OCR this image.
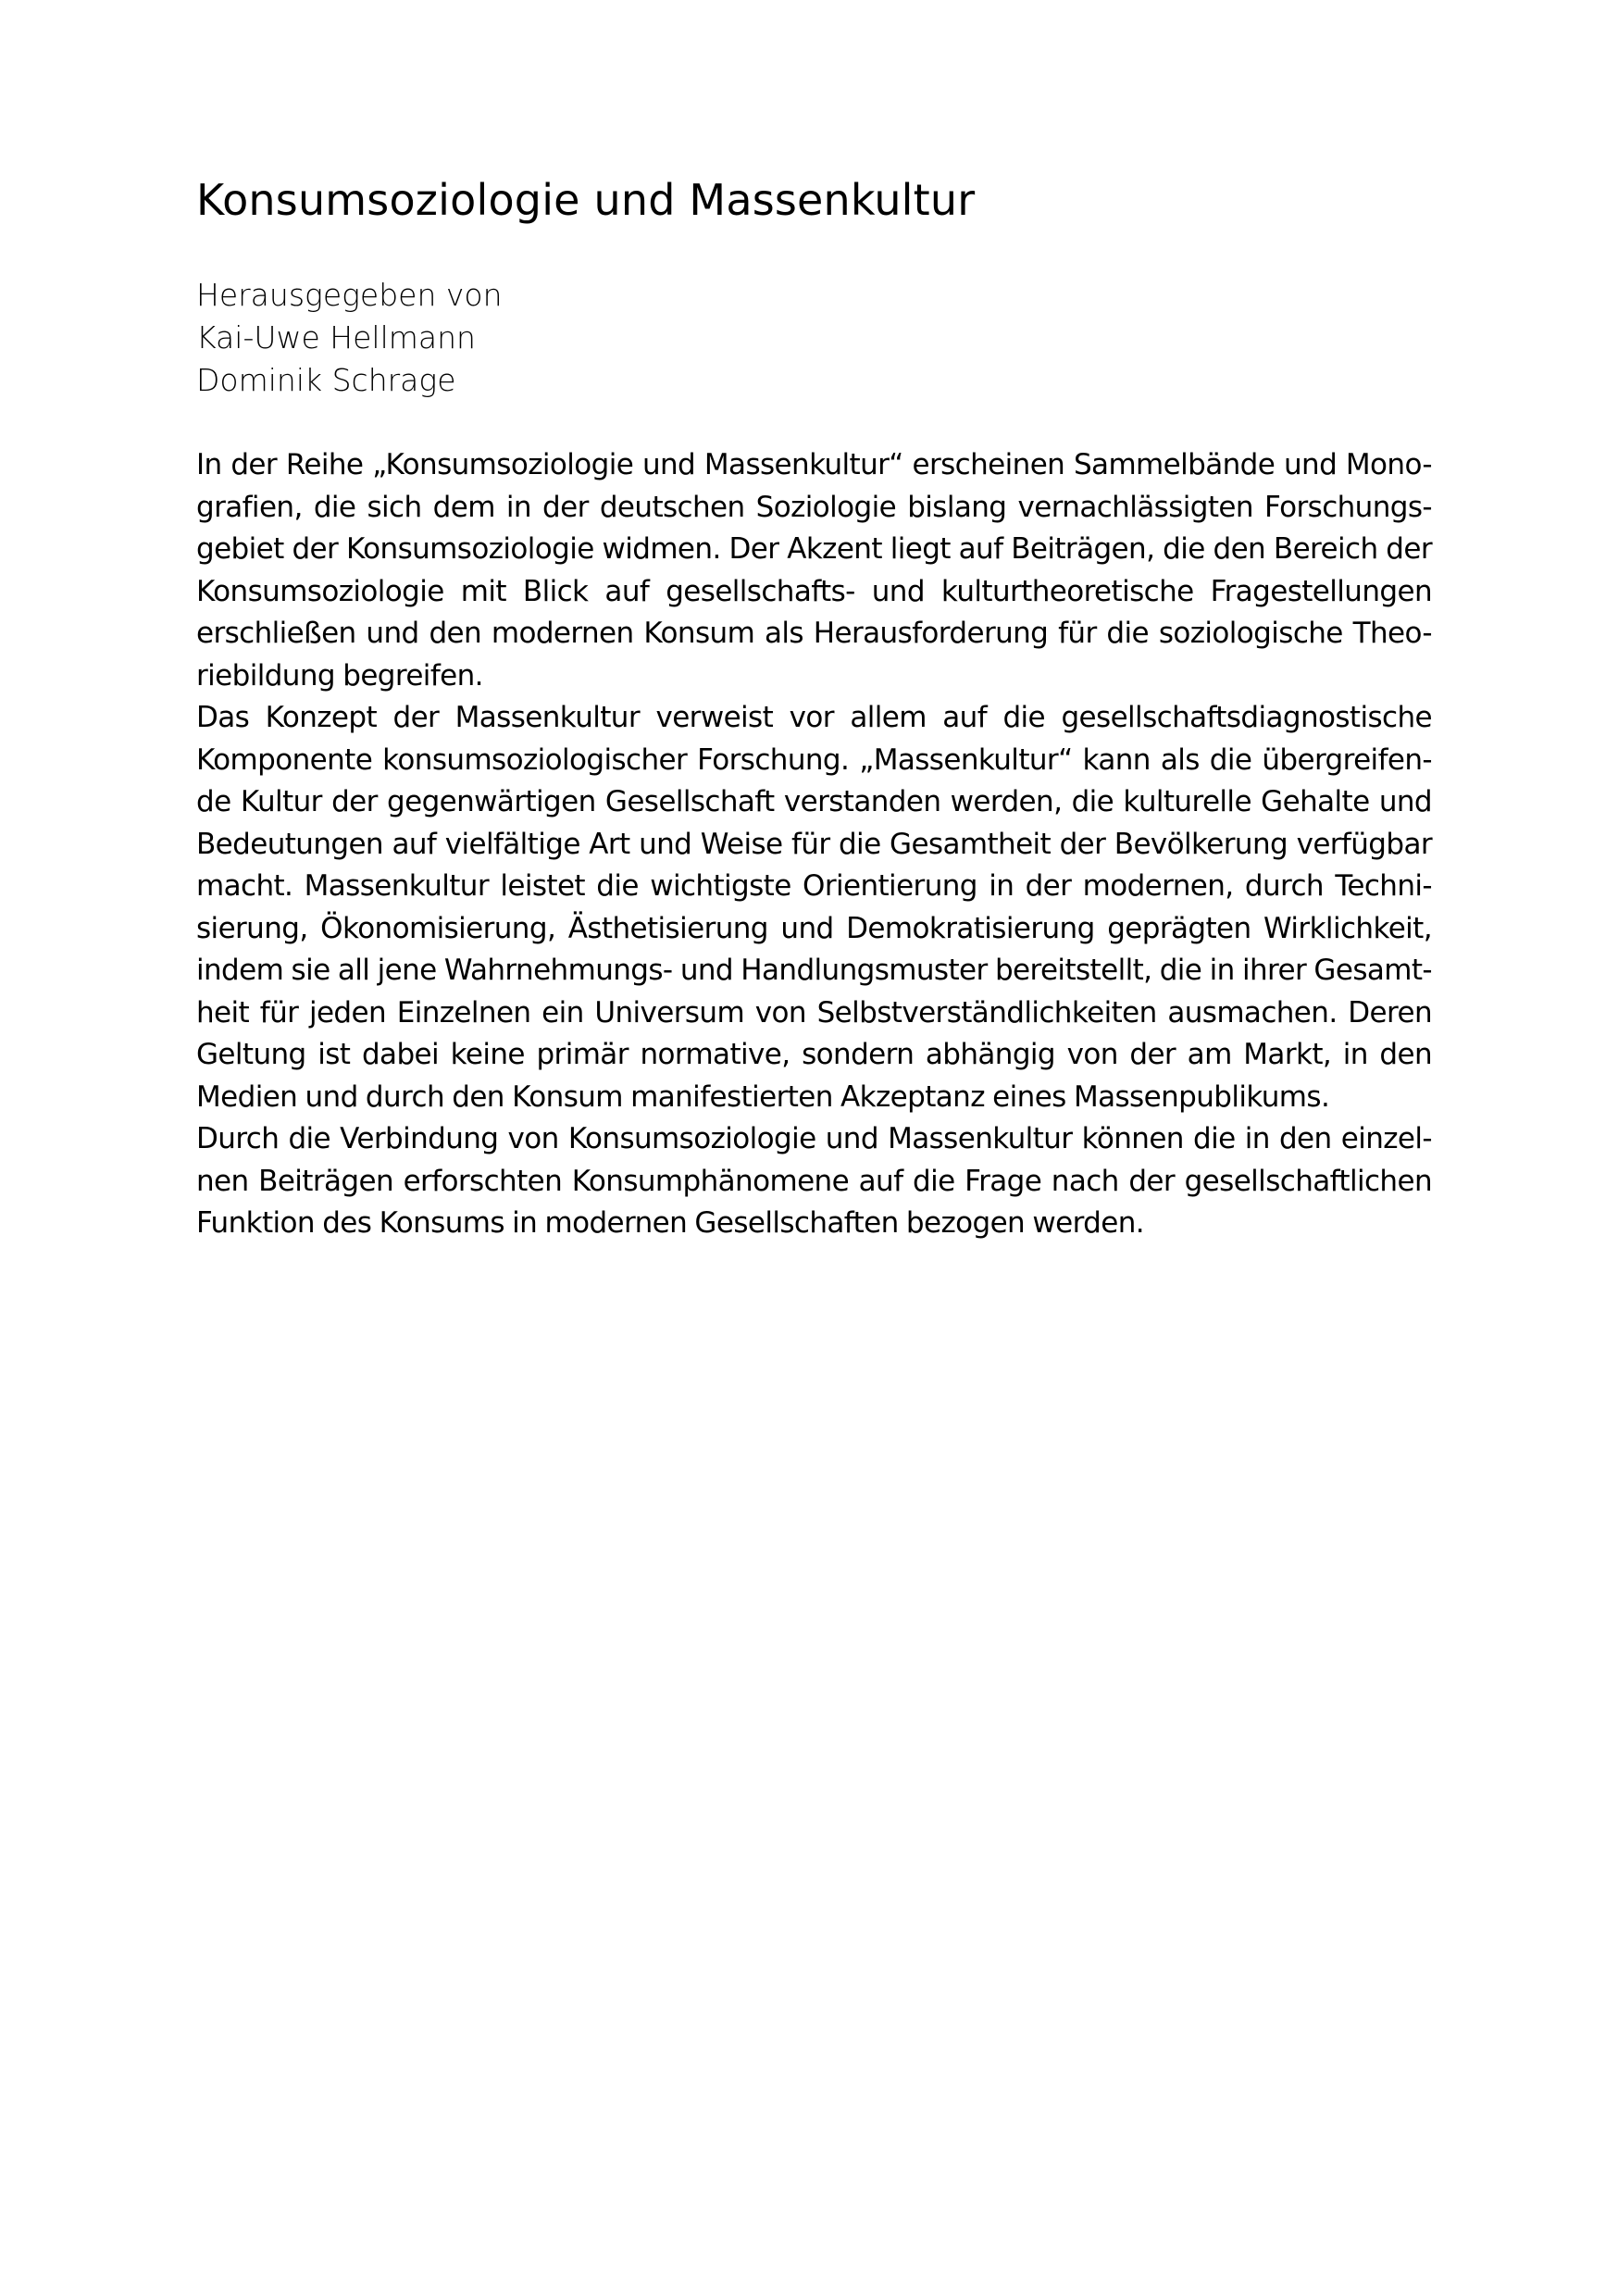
Konsumsoziologie und Massenkultur
Herausgegeben von
Kai-Uwe Hellmann
Dominik Schrage
In der Reihe „Konsumsoziologie und Massenkultur“ erscheinen Sammelbände und Mono-
grafien, die sich dem in der deutschen Soziologie bislang vernachlässigten Forschungs-
gebiet der Konsumsoziologie widmen. Der Akzent liegt auf Beiträgen, die den Bereich der
Konsumsoziologie mit Blick auf gesellschafts- und kulturtheoretische Fragestellungen
erschließen und den modernen Konsum als Herausforderung für die soziologische Theo-
riebildung begreifen.
Das Konzept der Massenkultur verweist vor allem auf die gesellschaftsdiagnostische
Komponente konsumsoziologischer Forschung. „Massenkultur“ kann als die übergreifen-
de Kultur der gegenwärtigen Gesellschaft verstanden werden, die kulturelle Gehalte und
Bedeutungen auf vielfältige Art und Weise für die Gesamtheit der Bevölkerung verfügbar
macht. Massenkultur leistet die wichtigste Orientierung in der modernen, durch Techni-
sierung, Ökonomisierung, Ästhetisierung und Demokratisierung geprägten Wirklichkeit,
indem sie all jene Wahrnehmungs- und Handlungsmuster bereitstellt, die in ihrer Gesamt-
heit für jeden Einzelnen ein Universum von Selbstverständlichkeiten ausmachen. Deren
Geltung ist dabei keine primär normative, sondern abhängig von der am Markt, in den
Medien und durch den Konsum manifestierten Akzeptanz eines Massenpublikums.
Durch die Verbindung von Konsumsoziologie und Massenkultur können die in den einzel-
nen Beiträgen erforschten Konsumphänomene auf die Frage nach der gesellschaftlichen
Funktion des Konsums in modernen Gesellschaften bezogen werden.
